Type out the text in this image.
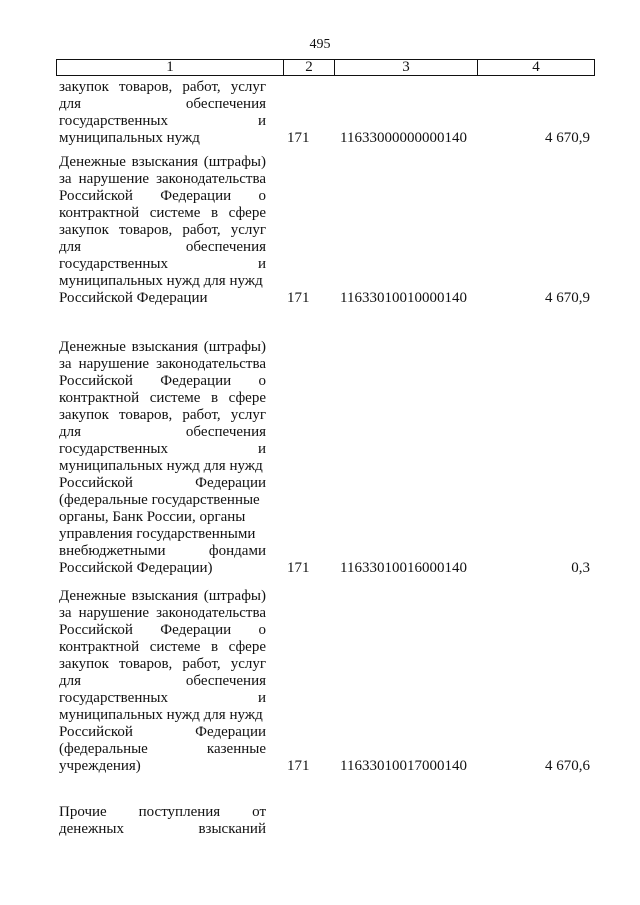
495
1	2	3	4
закупок товаров, работ, услуг
для обеспечения
государственных и
муниципальных нужд	171 11633000000000140	4 670,9
Денежные взыскания (штрафы)
за нарушение законодательства
Российской Федерации о
контрактной системе в сфере
закупок товаров, работ, услуг
для обеспечения
государственных и
муниципальных нужд для нужд
Российской Федерации	171 11633010010000140	4 670,9
Денежные взыскания (штрафы)
за нарушение законодательства
Российской Федерации о
контрактной системе в сфере
закупок товаров, работ, услуг
для обеспечения
государственных и
муниципальных нужд для нужд
Российской Федерации
(федеральные государственные
органы, Банк России, органы
управления государственными
внебюджетными фондами
Российской Федерации)	171 11633010016000140	0,3
Денежные взыскания (штрафы)
за нарушение законодательства
Российской Федерации о
контрактной системе в сфере
закупок товаров, работ, услуг
для обеспечения
государственных и
муниципальных нужд для нужд
Российской Федерации
(федеральные казенные
учреждения)	171 11633010017000140	4 670,6
Прочие поступления от
денежных взысканий
